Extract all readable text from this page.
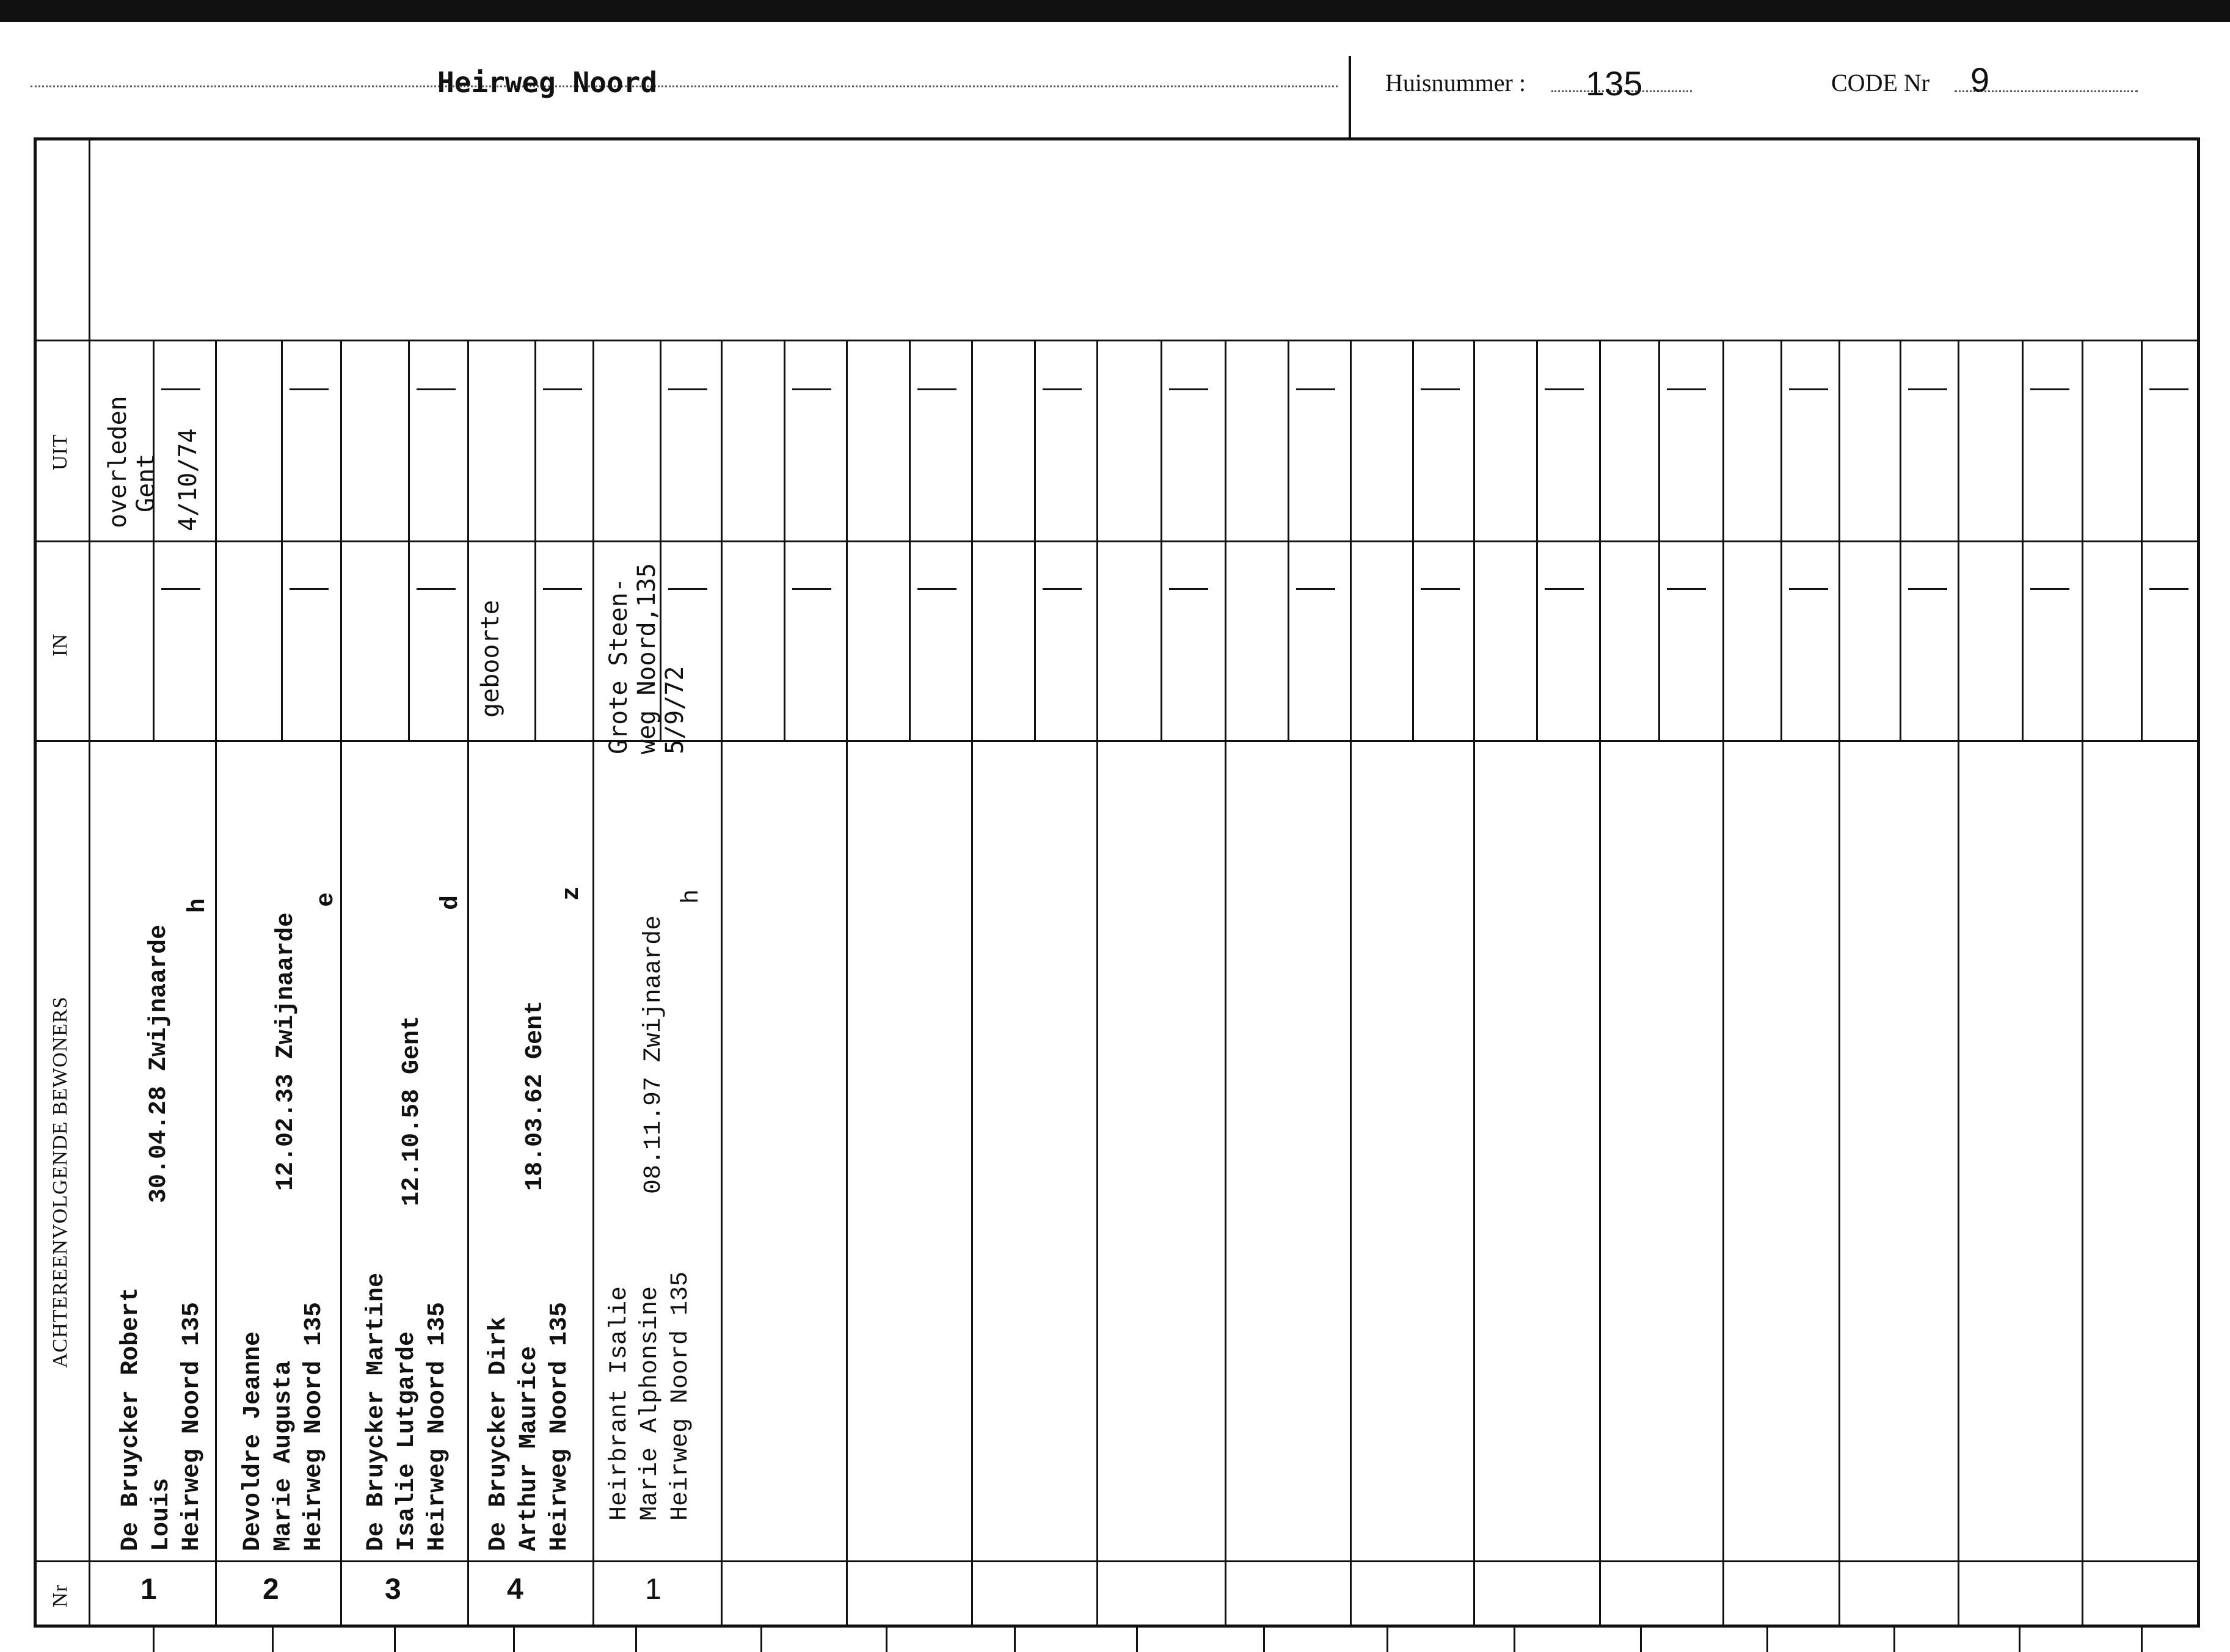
Heirweg Noord	Huisnummer : 135	CODE Nr 9
UIT
IN
ACHTEREENVOLGENDE BEWONERS
Nr
overleden Gent 4/10/74
De Bruycker Robert Louis Heirweg Noord 135
30.04.28 Zwijnaarde
h
1
Devoldre Jeanne Marie Augusta Heirweg Noord 135
12.02.33 Zwijnaarde
e
2
De Bruycker Martine Isalie Lutgarde Heirweg Noord 135
12.10.58 Gent
d
3
geboorte
De Bruycker Dirk Arthur Maurice Heirweg Noord 135
18.03.62 Gent
z
4
Grote Steen- weg Noord,135 5/9/72
Heirbrant Isalie Marie Alphonsine Heirweg Noord 135
08.11.97 Zwijnaarde
h
1
